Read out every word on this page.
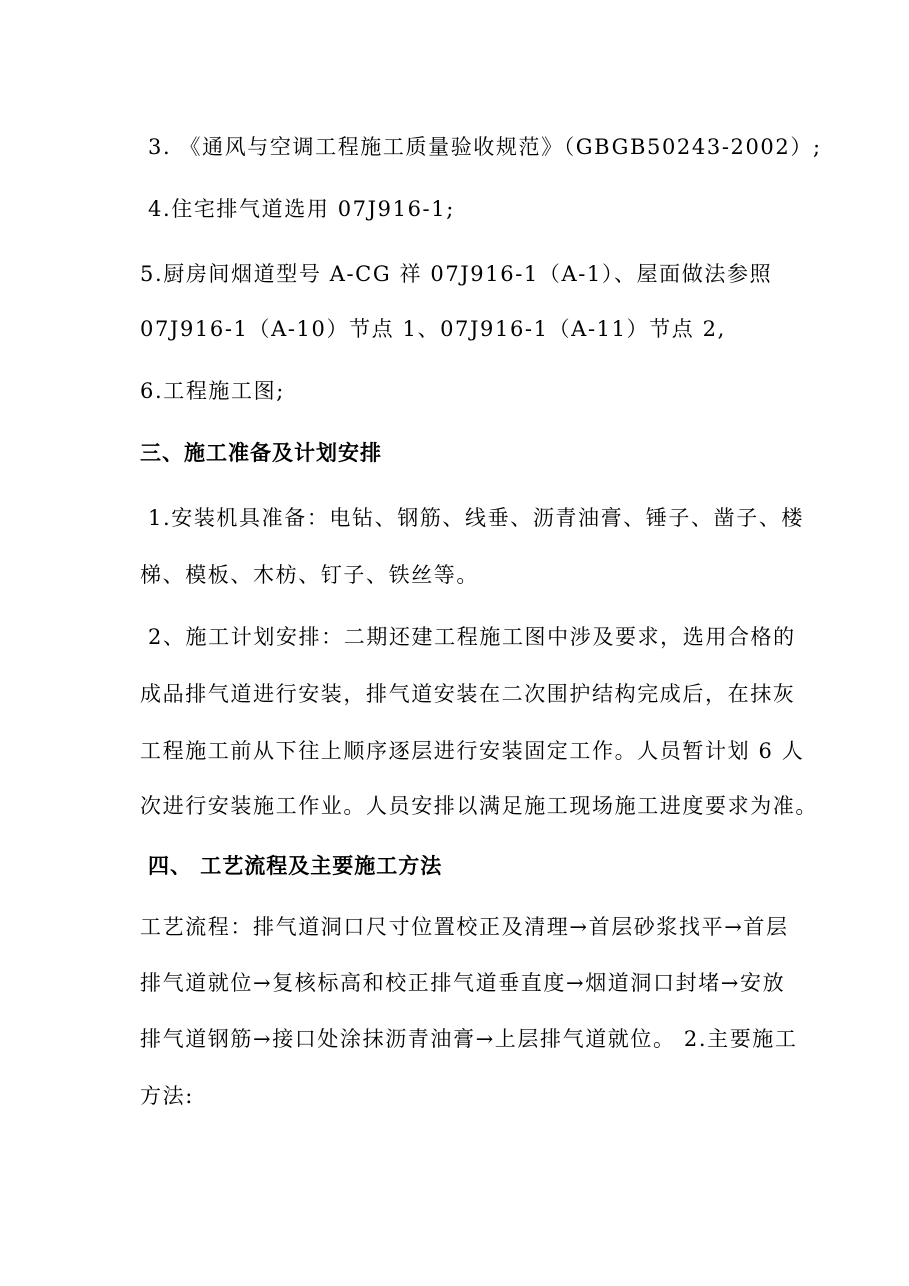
3. 《通风与空调工程施工质量验收规范》（GBGB50243-2002）;
4.住宅排气道选用 07J916-1;
5.厨房间烟道型号 A-CG 祥 07J916-1（A-1）、屋面做法参照
07J916-1（A-10）节点 1、07J916-1（A-11）节点 2,
6.工程施工图;
三、施工准备及计划安排
1.安装机具准备：电钻、钢筋、线垂、沥青油膏、锤子、凿子、楼
梯、模板、木枋、钉子、铁丝等。
2、施工计划安排：二期还建工程施工图中涉及要求，选用合格的
成品排气道进行安装，排气道安装在二次围护结构完成后，在抹灰
工程施工前从下往上顺序逐层进行安装固定工作。人员暂计划 6 人
次进行安装施工作业。人员安排以满足施工现场施工进度要求为准。
四、 工艺流程及主要施工方法
工艺流程：排气道洞口尺寸位置校正及清理→首层砂浆找平→首层
排气道就位→复核标高和校正排气道垂直度→烟道洞口封堵→安放
排气道钢筋→接口处涂抹沥青油膏→上层排气道就位。 2.主要施工
方法:
